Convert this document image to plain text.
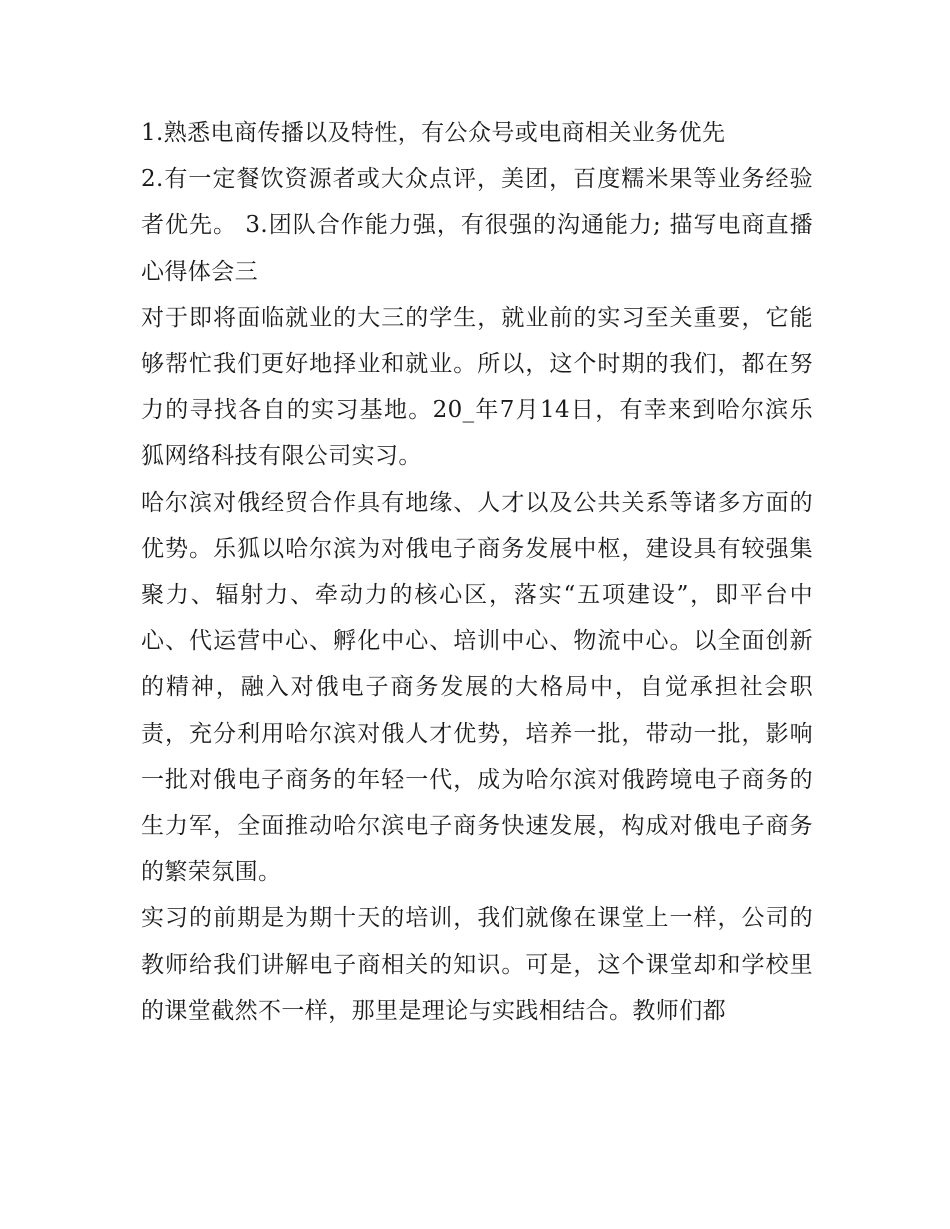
1.熟悉电商传播以及特性，有公众号或电商相关业务优先

2.有一定餐饮资源者或大众点评，美团，百度糯米果等业务经验者优先。 3.团队合作能力强，有很强的沟通能力; 描写电商直播心得体会三

对于即将面临就业的大三的学生，就业前的实习至关重要，它能够帮忙我们更好地择业和就业。所以，这个时期的我们，都在努力的寻找各自的实习基地。20_年7月14日，有幸来到哈尔滨乐狐网络科技有限公司实习。

哈尔滨对俄经贸合作具有地缘、人才以及公共关系等诸多方面的优势。乐狐以哈尔滨为对俄电子商务发展中枢，建设具有较强集聚力、辐射力、牵动力的核心区，落实“五项建设”，即平台中心、代运营中心、孵化中心、培训中心、物流中心。以全面创新的精神，融入对俄电子商务发展的大格局中，自觉承担社会职责，充分利用哈尔滨对俄人才优势，培养一批，带动一批，影响一批对俄电子商务的年轻一代，成为哈尔滨对俄跨境电子商务的生力军，全面推动哈尔滨电子商务快速发展，构成对俄电子商务的繁荣氛围。

实习的前期是为期十天的培训，我们就像在课堂上一样，公司的教师给我们讲解电子商相关的知识。可是，这个课堂却和学校里的课堂截然不一样，那里是理论与实践相结合。教师们都
